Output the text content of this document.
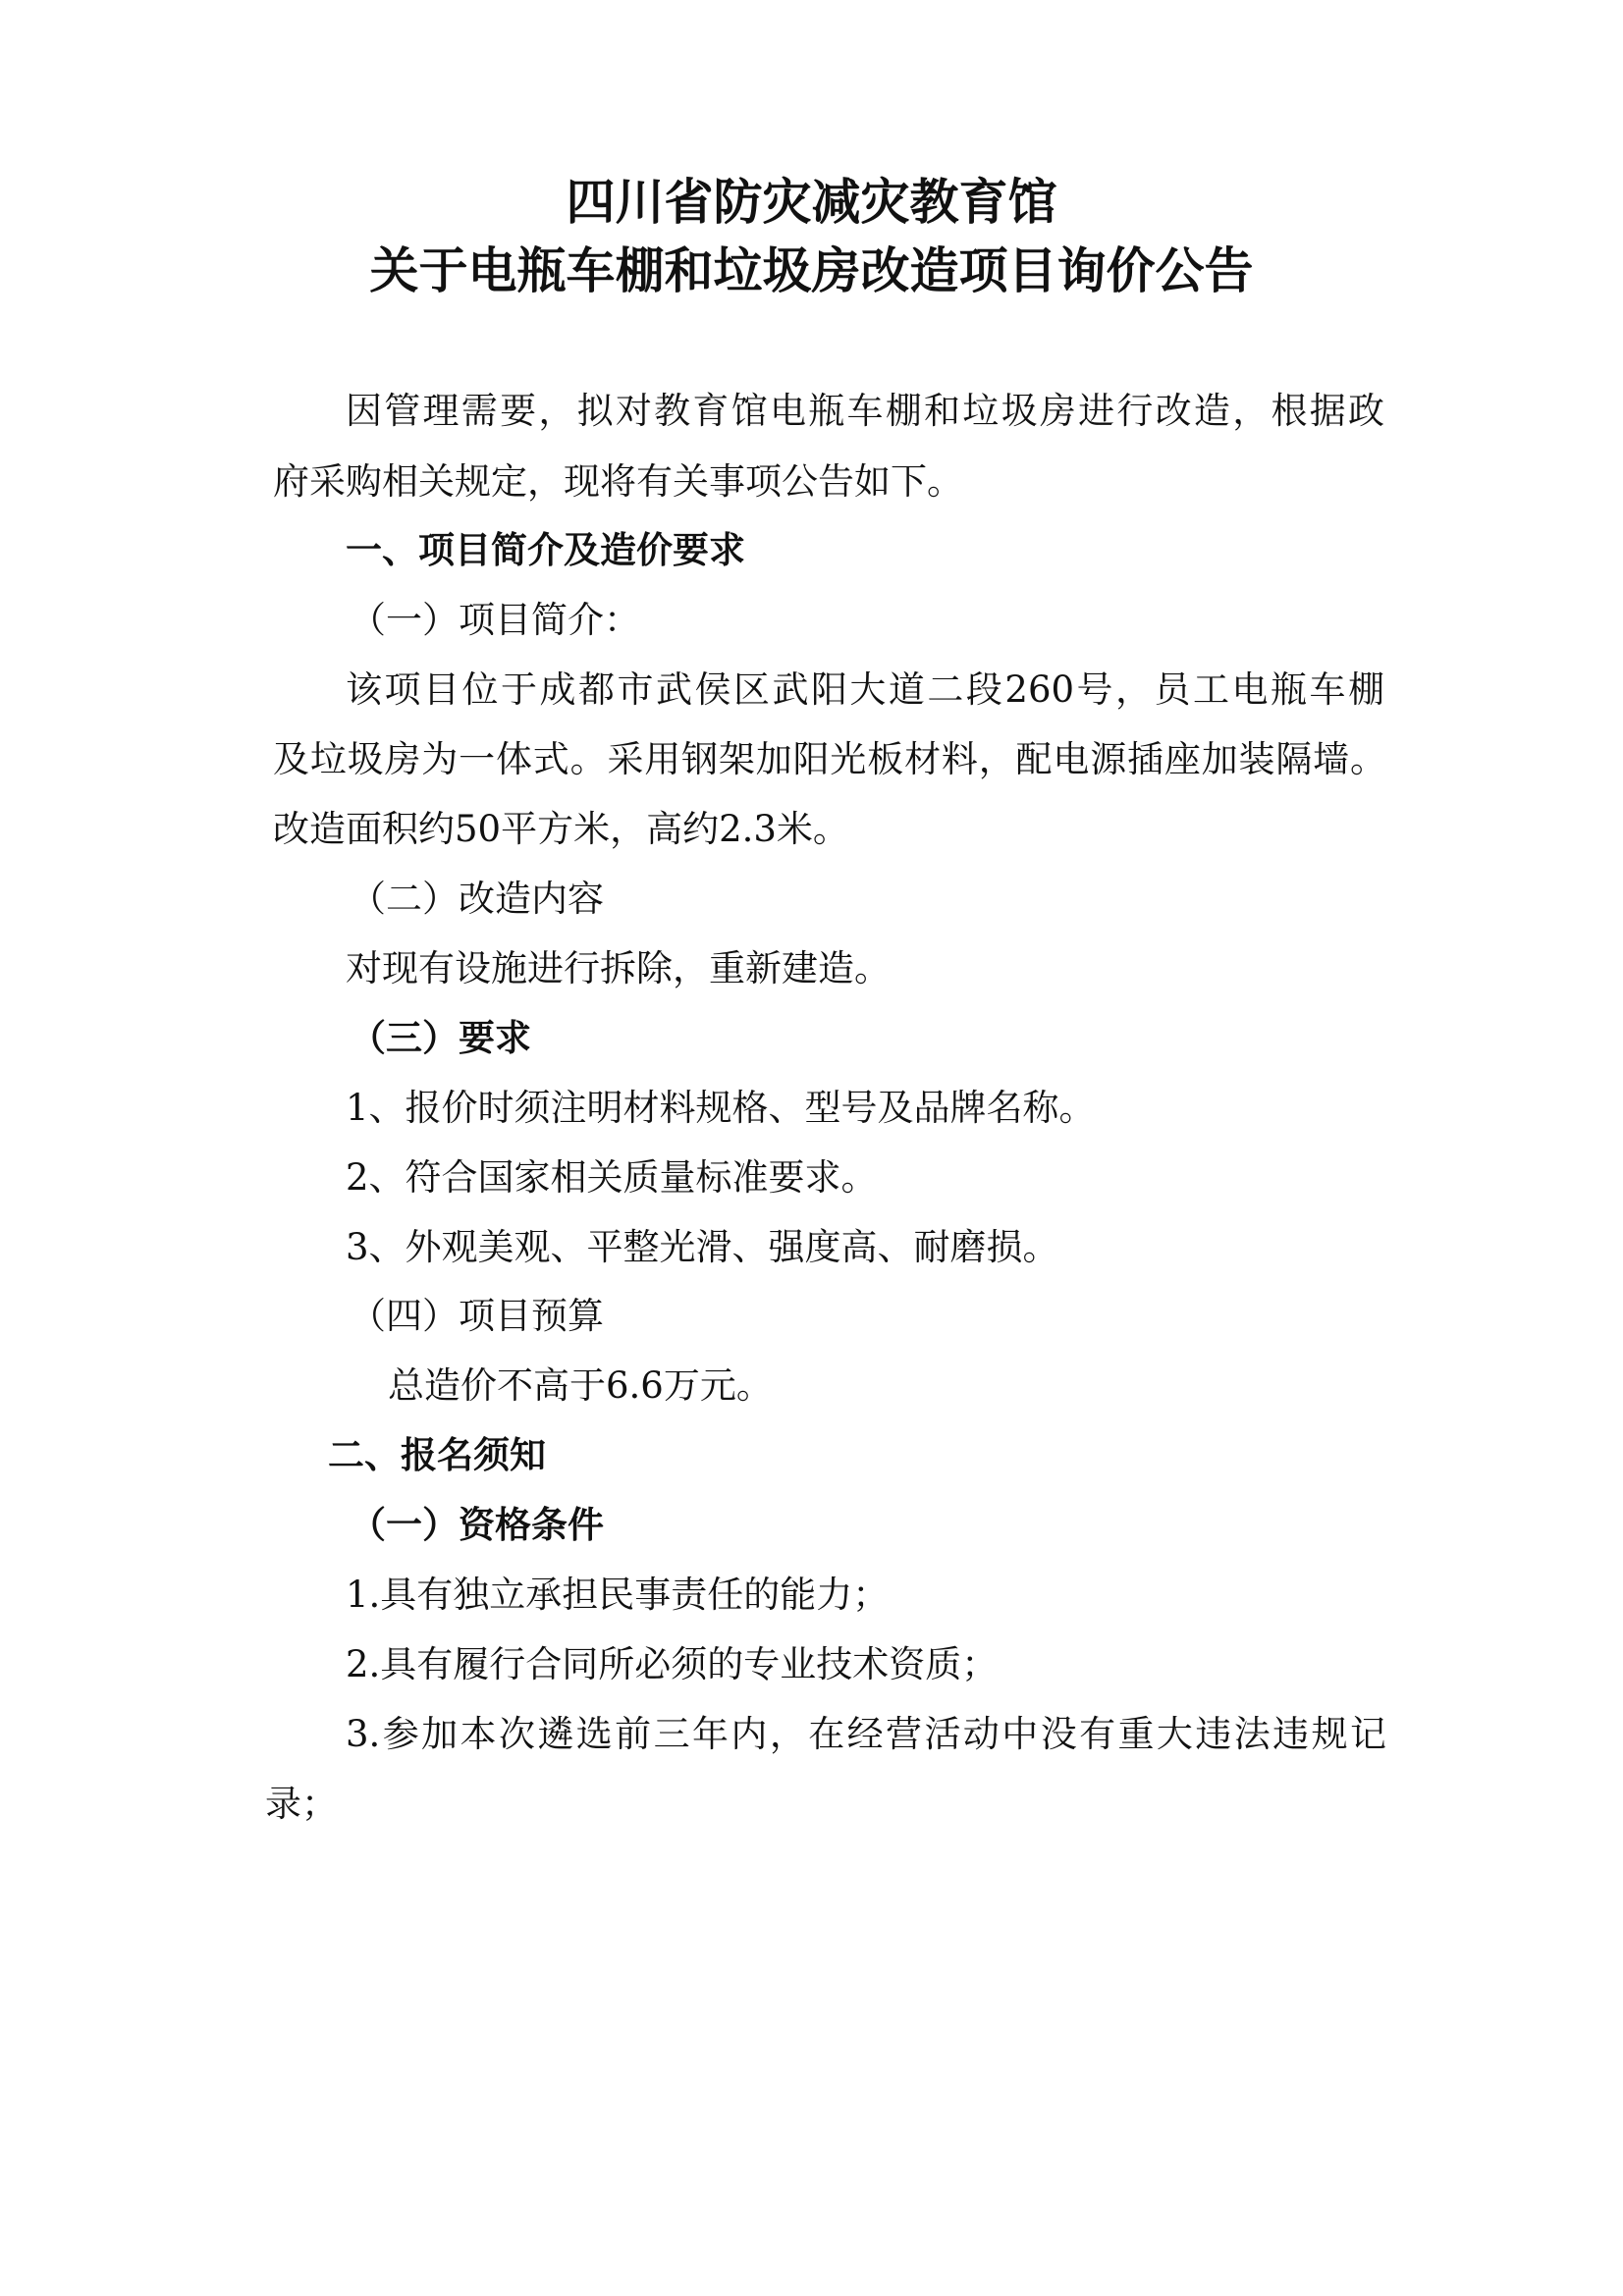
四川省防灾减灾教育馆
关于电瓶车棚和垃圾房改造项目询价公告
因管理需要，拟对教育馆电瓶车棚和垃圾房进行改造，根据政
府采购相关规定，现将有关事项公告如下。
一、项目简介及造价要求
（一）项目简介：
该项目位于成都市武侯区武阳大道二段260号，员工电瓶车棚
及垃圾房为一体式。采用钢架加阳光板材料，配电源插座加装隔墙。
改造面积约50平方米，高约2.3米。
（二）改造内容
对现有设施进行拆除，重新建造。
（三）要求
1、报价时须注明材料规格、型号及品牌名称。
2、符合国家相关质量标准要求。
3、外观美观、平整光滑、强度高、耐磨损。
（四）项目预算
总造价不高于6.6万元。
二、报名须知
（一）资格条件
1.具有独立承担民事责任的能力；
2.具有履行合同所必须的专业技术资质；
3.参加本次遴选前三年内，在经营活动中没有重大违法违规记
录；
